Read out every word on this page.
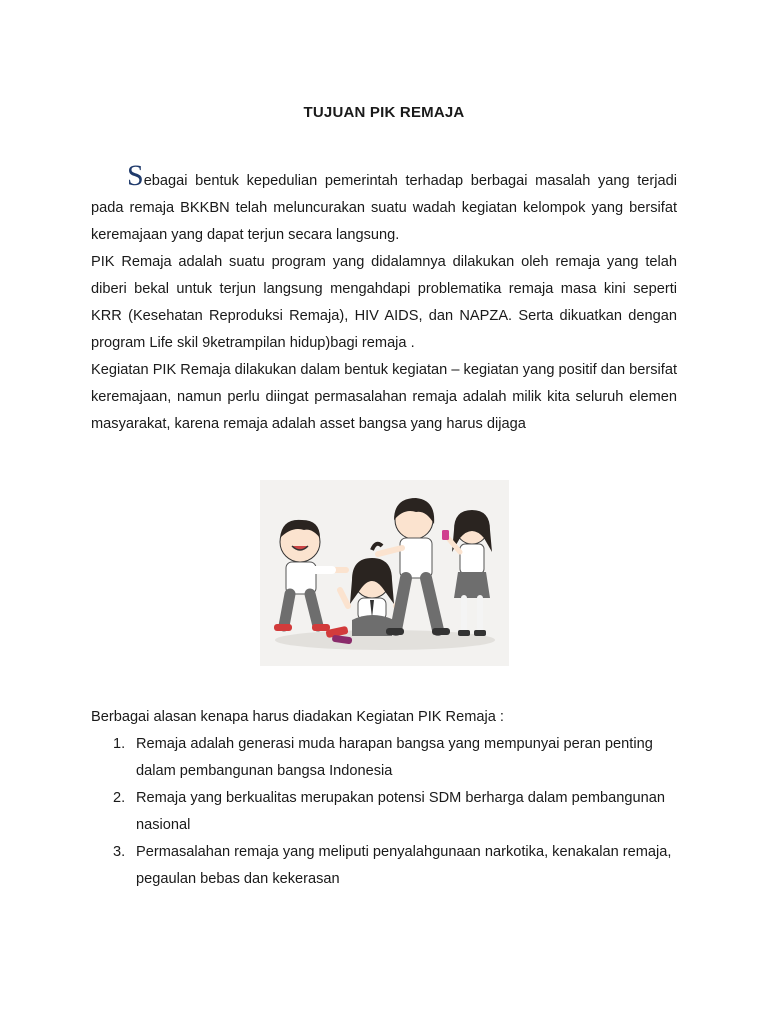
TUJUAN PIK REMAJA

Sebagai bentuk kepedulian pemerintah terhadap berbagai masalah yang terjadi pada remaja BKKBN telah meluncurakan suatu wadah kegiatan kelompok yang bersifat keremajaan yang dapat terjun secara langsung.

PIK Remaja adalah suatu program yang didalamnya dilakukan oleh remaja yang telah diberi bekal untuk terjun langsung mengahdapi problematika remaja masa kini seperti KRR (Kesehatan Reproduksi Remaja), HIV AIDS, dan NAPZA. Serta dikuatkan dengan program Life skil 9ketrampilan hidup)bagi remaja .

Kegiatan PIK Remaja dilakukan dalam bentuk kegiatan – kegiatan yang positif dan bersifat keremajaan, namun perlu diingat permasalahan remaja adalah milik kita seluruh elemen masyarakat, karena remaja adalah asset bangsa yang harus dijaga

Berbagai alasan kenapa harus diadakan Kegiatan PIK Remaja :

1. Remaja adalah generasi muda harapan bangsa yang mempunyai peran penting dalam pembangunan bangsa Indonesia
2. Remaja yang berkualitas merupakan potensi SDM berharga dalam pembangunan nasional
3. Permasalahan remaja yang meliputi penyalahgunaan narkotika, kenakalan remaja, pegaulan bebas dan kekerasan
